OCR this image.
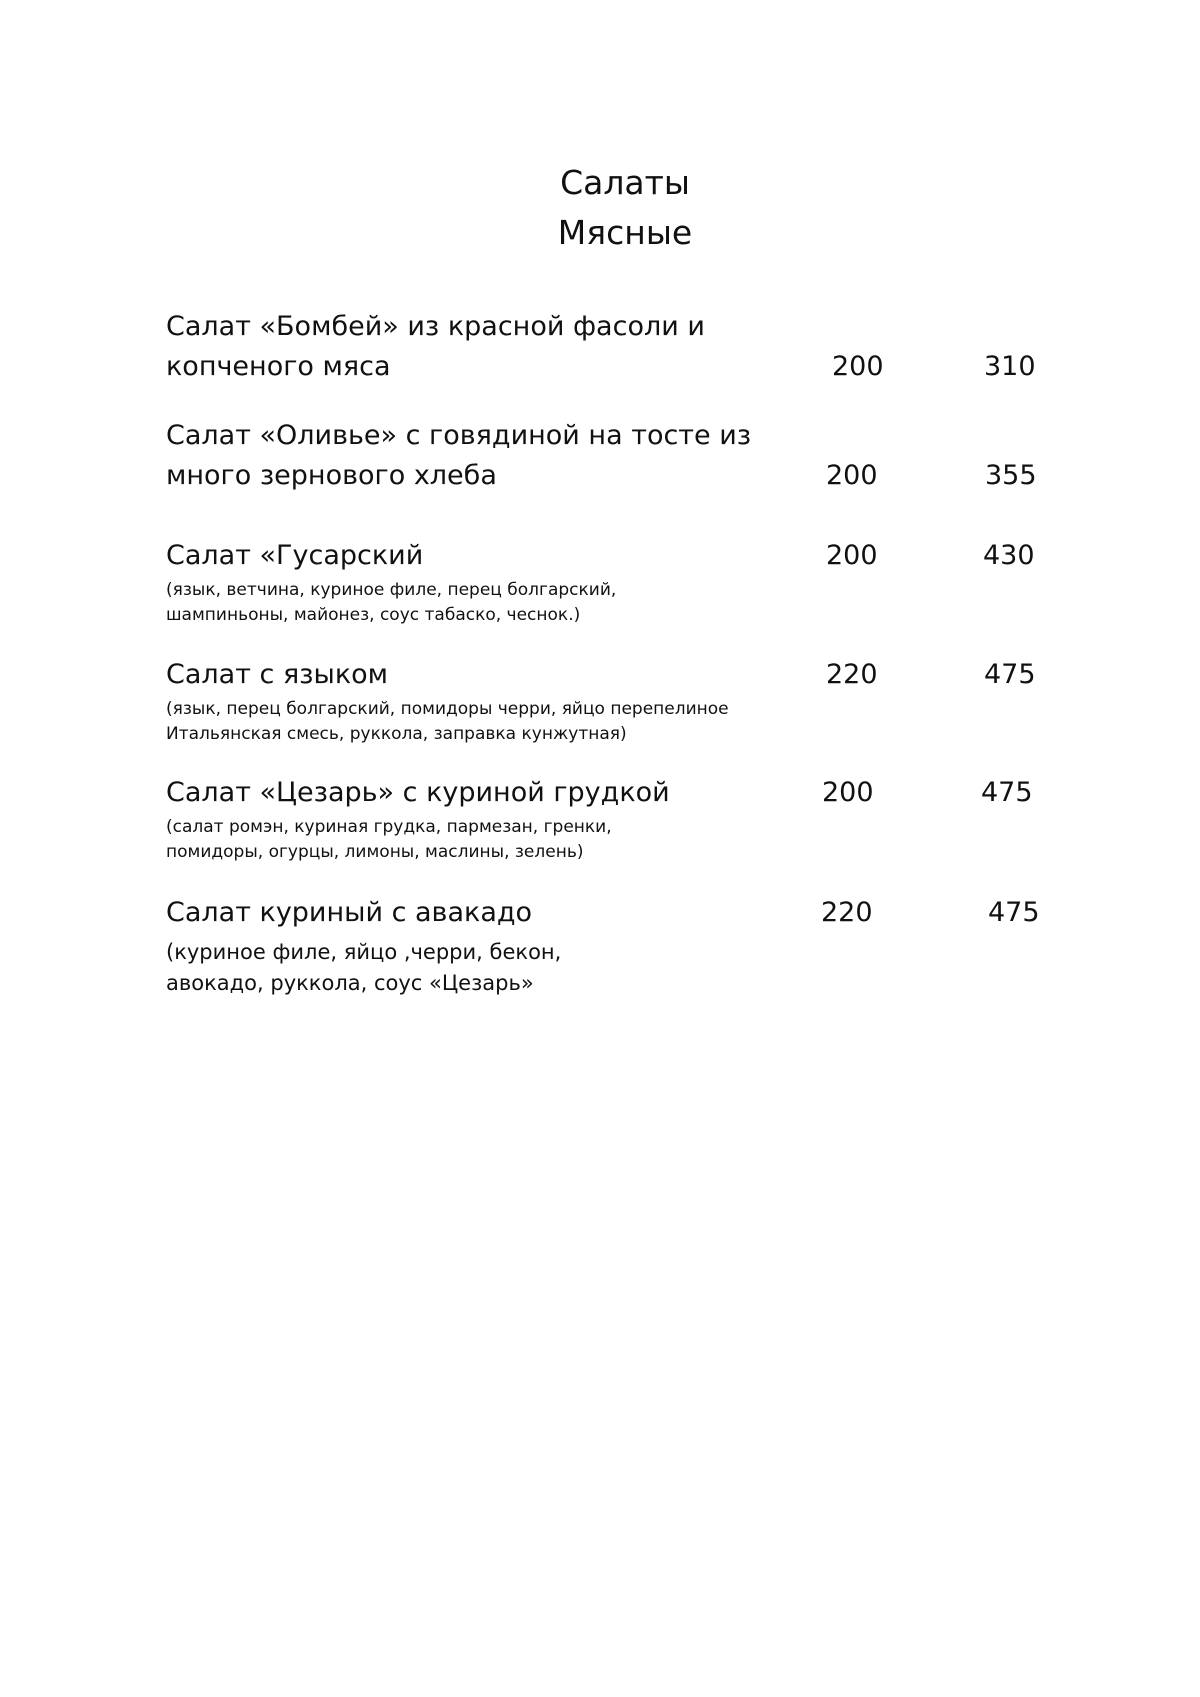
Салаты
Мясные
Салат «Бомбей» из красной фасоли и
копченого мяса	200	310
Салат «Оливье» с говядиной на тосте из
много зернового хлеба	200	355
Салат «Гусарский
(язык, ветчина, куриное филе, перец болгарский,
шампиньоны, майонез, соус табаско, чеснок.)
200	430
Салат с языком
(язык, перец болгарский, помидоры черри, яйцо перепелиное
Итальянская смесь, руккола, заправка кунжутная)
220	475
Салат «Цезарь» с куриной грудкой
(салат ромэн, куриная грудка, пармезан, гренки,
помидоры, огурцы, лимоны, маслины, зелень)
200	475
Салат куриный с авакадо
(куриное филе, яйцо ,черри, бекон,
авокадо, руккола, соус «Цезарь»
220	475
